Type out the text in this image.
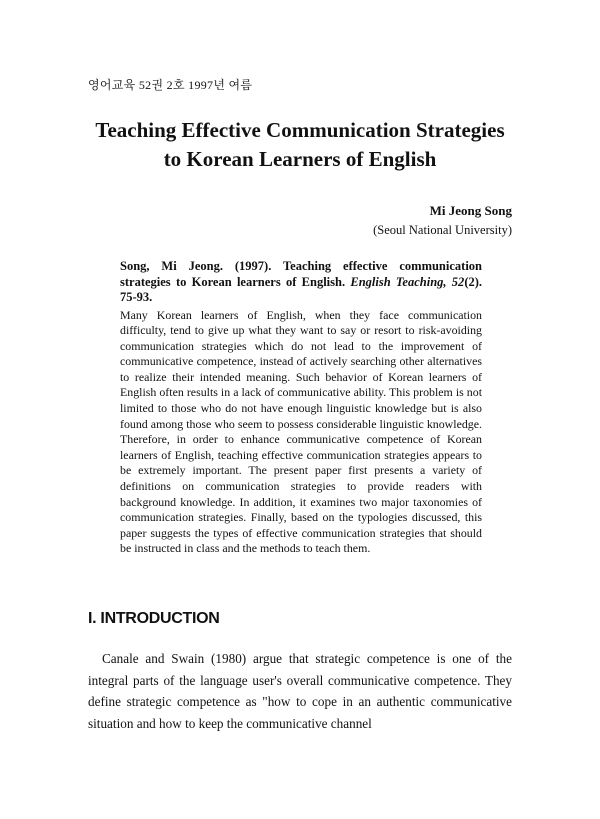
영어교육 52권 2호 1997년 여름
Teaching Effective Communication Strategies
to Korean Learners of English
Mi Jeong Song
(Seoul National University)

Song, Mi Jeong. (1997). Teaching effective communication strategies to Korean learners of English. English Teaching, 52(2). 75-93.

Many Korean learners of English, when they face communication difficulty, tend to give up what they want to say or resort to risk-avoiding communication strategies which do not lead to the improvement of communicative competence, instead of actively searching other alternatives to realize their intended meaning. Such behavior of Korean learners of English often results in a lack of communicative ability. This problem is not limited to those who do not have enough linguistic knowledge but is also found among those who seem to possess considerable linguistic knowledge. Therefore, in order to enhance communicative competence of Korean learners of English, teaching effective communication strategies appears to be extremely important. The present paper first presents a variety of definitions on communication strategies to provide readers with background knowledge. In addition, it examines two major taxonomies of communication strategies. Finally, based on the typologies discussed, this paper suggests the types of effective communication strategies that should be instructed in class and the methods to teach them.

I. INTRODUCTION

Canale and Swain (1980) argue that strategic competence is one of the integral parts of the language user's overall communicative competence. They define strategic competence as "how to cope in an authentic communicative situation and how to keep the communicative channel
